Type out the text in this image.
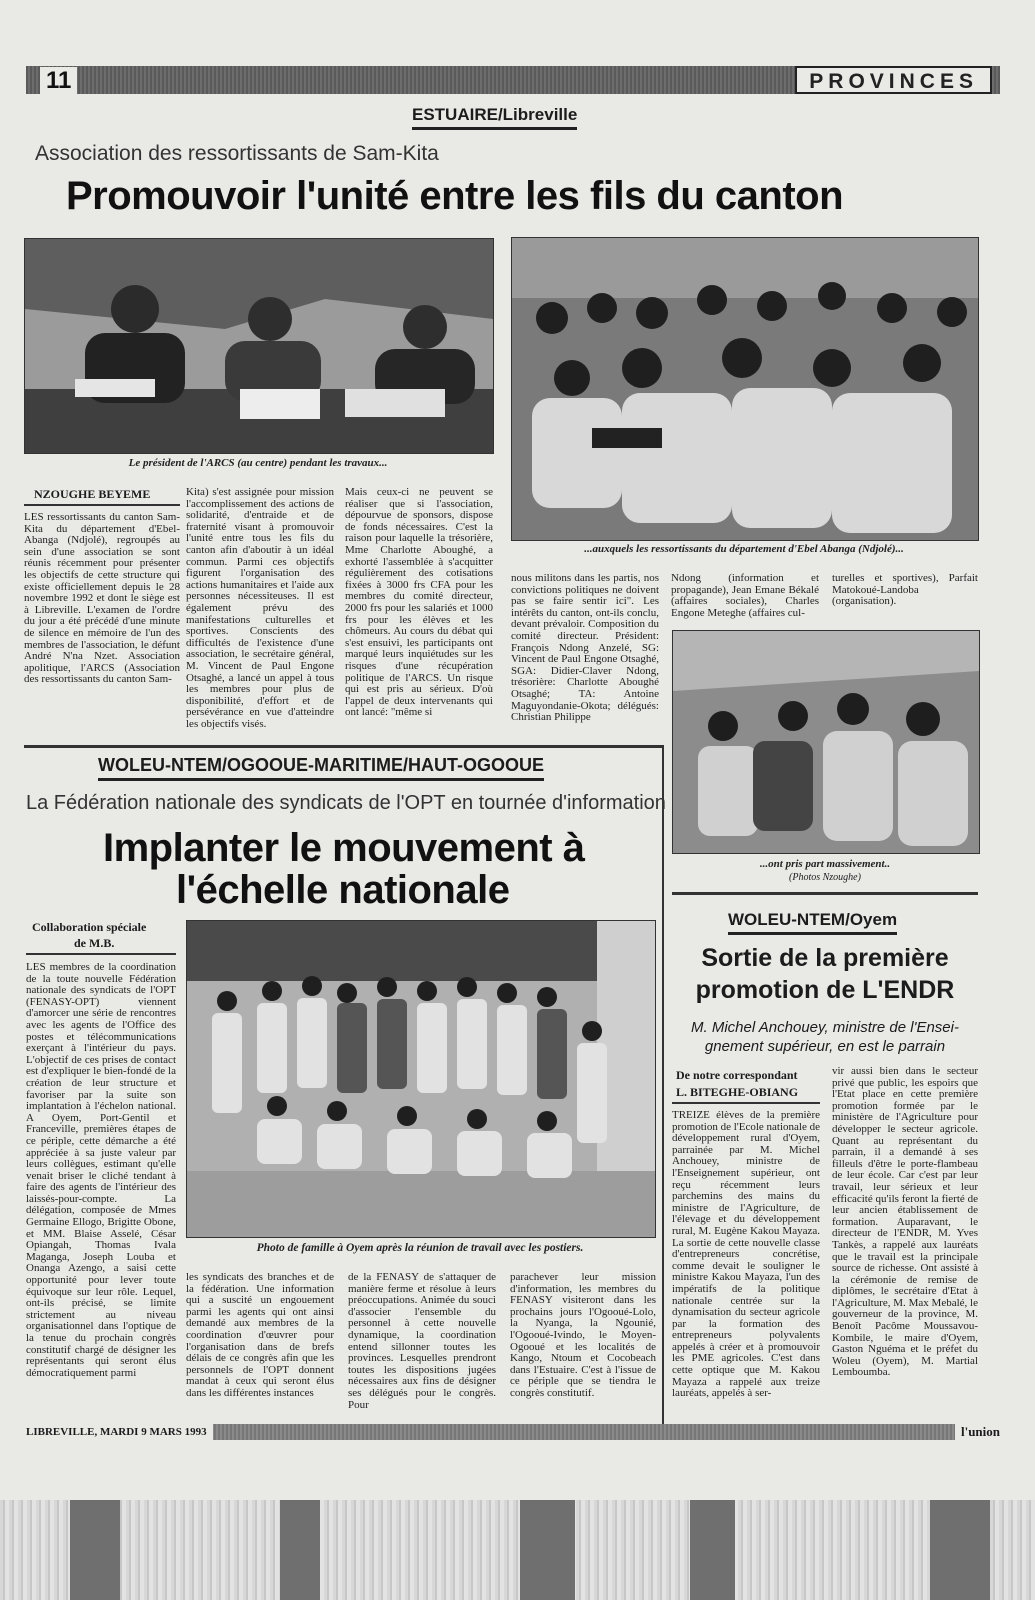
11	PROVINCES
ESTUAIRE/Libreville
Association des ressortissants de Sam-Kita
Promouvoir l'unité entre les fils du canton
Le président de l'ARCS (au centre) pendant les travaux...
...auxquels les ressortissants du département d'Ebel Abanga (Ndjolé)...
NZOUGHE BEYEME
LES ressortissants du canton Sam-Kita du département d'Ebel-Abanga (Ndjolé), regroupés au sein d'une association se sont réunis récemment pour présenter les objectifs de cette structure qui existe officiellement depuis le 28 novembre 1992 et dont le siège est à Libreville. L'examen de l'ordre du jour a été précédé d'une minute de silence en mémoire de l'un des membres de l'association, le défunt André N'na Nzet. Association apolitique, l'ARCS (Association des ressortissants du canton Sam-
Kita) s'est assignée pour mission l'accomplissement des actions de solidarité, d'entraide et de fraternité visant à promouvoir l'unité entre tous les fils du canton afin d'aboutir à un idéal commun. Parmi ces objectifs figurent l'organisation des actions humanitaires et l'aide aux personnes nécessiteuses. Il est également prévu des manifestations culturelles et sportives. Conscients des difficultés de l'existence d'une association, le secrétaire général, M. Vincent de Paul Engone Otsaghé, a lancé un appel à tous les membres pour plus de disponibilité, d'effort et de persévérance en vue d'atteindre les objectifs visés.
Mais ceux-ci ne peuvent se réaliser que si l'association, dépourvue de sponsors, dispose de fonds nécessaires. C'est la raison pour laquelle la trésorière, Mme Charlotte Aboughé, a exhorté l'assemblée à s'acquitter régulièrement des cotisations fixées à 3000 frs CFA pour les membres du comité directeur, 2000 frs pour les salariés et 1000 frs pour les élèves et les chômeurs. Au cours du débat qui s'est ensuivi, les participants ont marqué leurs inquiétudes sur les risques d'une récupération politique de l'ARCS. Un risque qui est pris au sérieux. D'où l'appel de deux intervenants qui ont lancé: "même si
nous militons dans les partis, nos convictions politiques ne doivent pas se faire sentir ici". Les intérêts du canton, ont-ils conclu, devant prévaloir. Composition du comité directeur. Président: François Ndong Anzelé, SG: Vincent de Paul Engone Otsaghé, SGA: Didier-Claver Ndong, trésorière: Charlotte Aboughé Otsaghé; TA: Antoine Maguyondanie-Okota; délégués: Christian Philippe
Ndong (information et propagande), Jean Emane Békalé (affaires sociales), Charles Engone Meteghe (affaires cul-
turelles et sportives), Parfait Matokoué-Landoba (organisation).
...ont pris part massivement..
(Photos Nzoughe)
WOLEU-NTEM/OGOOUE-MARITIME/HAUT-OGOOUE
La Fédération nationale des syndicats de l'OPT en tournée d'information
Implanter le mouvement à
l'échelle nationale
Collaboration spéciale
de M.B.
LES membres de la coordination de la toute nouvelle Fédération nationale des syndicats de l'OPT (FENASY-OPT) viennent d'amorcer une série de rencontres avec les agents de l'Office des postes et télécommunications exerçant à l'intérieur du pays. L'objectif de ces prises de contact est d'expliquer le bien-fondé de la création de leur structure et favoriser par la suite son implantation à l'échelon national. A Oyem, Port-Gentil et Franceville, premières étapes de ce périple, cette démarche a été appréciée à sa juste valeur par leurs collègues, estimant qu'elle venait briser le cliché tendant à faire des agents de l'intérieur des laissés-pour-compte. La délégation, composée de Mmes Germaine Ellogo, Brigitte Obone, et MM. Blaise Asselé, César Opiangah, Thomas Ivala Maganga, Joseph Louba et Onanga Azengo, a saisi cette opportunité pour lever toute équivoque sur leur rôle. Lequel, ont-ils précisé, se limite strictement au niveau organisationnel dans l'optique de la tenue du prochain congrès constitutif chargé de désigner les représentants qui seront élus démocratiquement parmi
Photo de famille à Oyem après la réunion de travail avec les postiers.
les syndicats des branches et de la fédération. Une information qui a suscité un engouement parmi les agents qui ont ainsi demandé aux membres de la coordination d'œuvrer pour l'organisation dans de brefs délais de ce congrès afin que les personnels de l'OPT donnent mandat à ceux qui seront élus dans les différentes instances
de la FENASY de s'attaquer de manière ferme et résolue à leurs préoccupations. Animée du souci d'associer l'ensemble du personnel à cette nouvelle dynamique, la coordination entend sillonner toutes les provinces. Lesquelles prendront toutes les dispositions jugées nécessaires aux fins de désigner ses délégués pour le congrès. Pour
parachever leur mission d'information, les membres du FENASY visiteront dans les prochains jours l'Ogooué-Lolo, la Nyanga, la Ngounié, l'Ogooué-Ivindo, le Moyen-Ogooué et les localités de Kango, Ntoum et Cocobeach dans l'Estuaire. C'est à l'issue de ce périple que se tiendra le congrès constitutif.
WOLEU-NTEM/Oyem
Sortie de la première
promotion de L'ENDR
M. Michel Anchouey, ministre de l'Ensei-
gnement supérieur, en est le parrain
De notre correspondant
L. BITEGHE-OBIANG
TREIZE élèves de la première promotion de l'Ecole nationale de développement rural d'Oyem, parrainée par M. Michel Anchouey, ministre de l'Enseignement supérieur, ont reçu récemment leurs parchemins des mains du ministre de l'Agriculture, de l'élevage et du développement rural, M. Eugène Kakou Mayaza. La sortie de cette nouvelle classe d'entrepreneurs concrétise, comme devait le souligner le ministre Kakou Mayaza, l'un des impératifs de la politique nationale centrée sur la dynamisation du secteur agricole par la formation des entrepreneurs polyvalents appelés à créer et à promouvoir les PME agricoles. C'est dans cette optique que M. Kakou Mayaza a rappelé aux treize lauréats, appelés à ser-
vir aussi bien dans le secteur privé que public, les espoirs que l'Etat place en cette première promotion formée par le ministère de l'Agriculture pour développer le secteur agricole. Quant au représentant du parrain, il a demandé à ses filleuls d'être le porte-flambeau de leur école. Car c'est par leur travail, leur sérieux et leur efficacité qu'ils feront la fierté de leur ancien établissement de formation. Auparavant, le directeur de l'ENDR, M. Yves Tankès, a rappelé aux lauréats que le travail est la principale source de richesse. Ont assisté à la cérémonie de remise de diplômes, le secrétaire d'Etat à l'Agriculture, M. Max Mebalé, le gouverneur de la province, M. Benoît Pacôme Moussavou-Kombile, le maire d'Oyem, Gaston Nguéma et le préfet du Woleu (Oyem), M. Martial Lemboumba.
LIBREVILLE, MARDI 9 MARS 1993	l'union
